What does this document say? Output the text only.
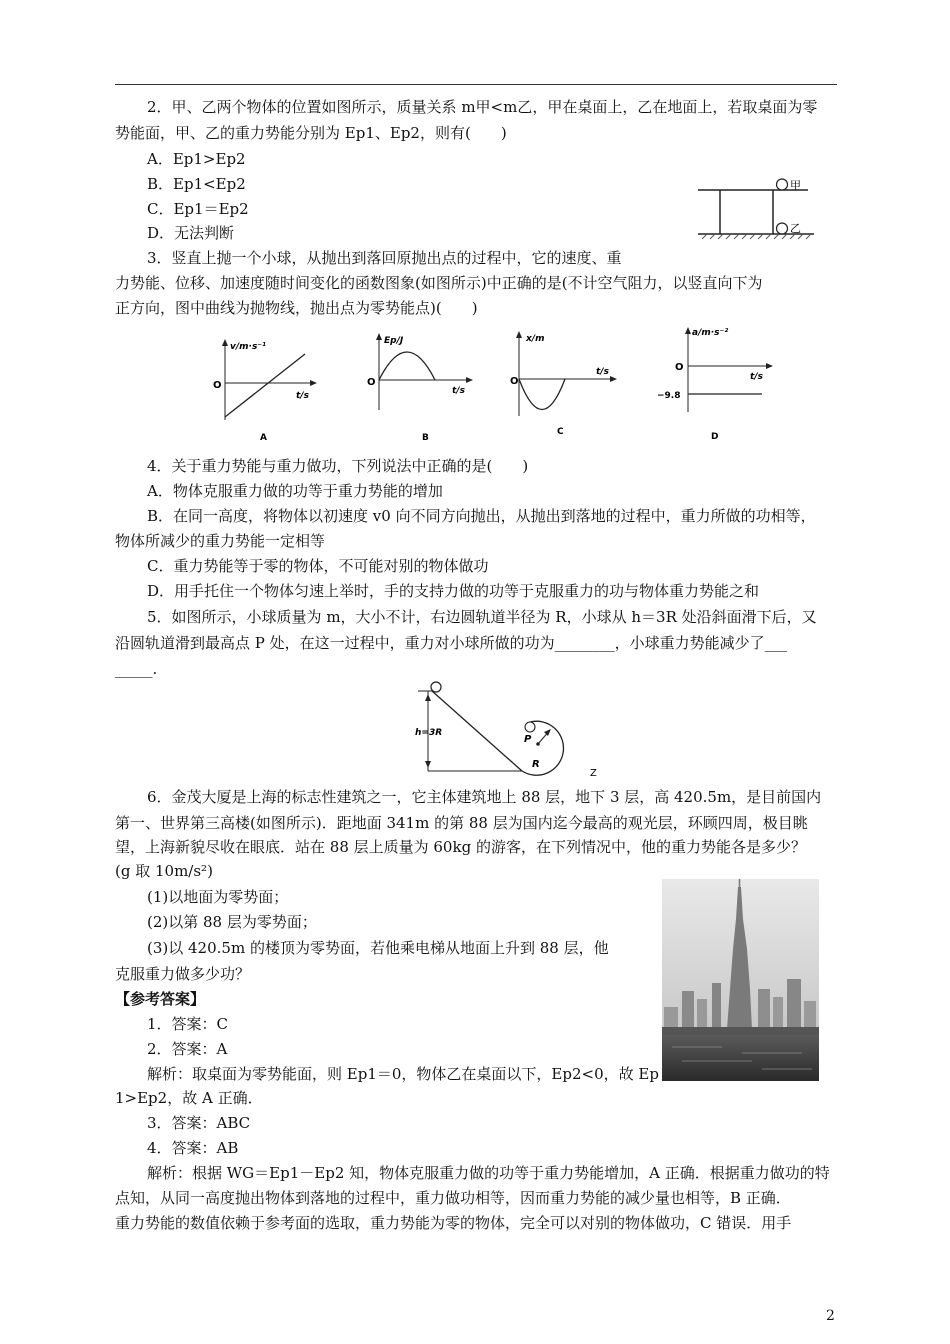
2．甲、乙两个物体的位置如图所示，质量关系 m甲<m乙，甲在桌面上，乙在地面上，若取桌面为零
势能面，甲、乙的重力势能分别为 Ep1、Ep2，则有(　　)
A．Ep1>Ep2
B．Ep1<Ep2
C．Ep1＝Ep2
D．无法判断
甲
乙
3．竖直上抛一个小球，从抛出到落回原抛出点的过程中，它的速度、重
力势能、位移、加速度随时间变化的函数图象(如图所示)中正确的是(不计空气阻力，以竖直向下为
正方向，图中曲线为抛物线，抛出点为零势能点)(　　)
v/m·s⁻¹
O
t/s
A
Ep/J
O
t/s
B
x/m
O
t/s
C
a/m·s⁻²
O
t/s
−9.8
D
4．关于重力势能与重力做功，下列说法中正确的是(　　)
A．物体克服重力做的功等于重力势能的增加
B．在同一高度，将物体以初速度 v0 向不同方向抛出，从抛出到落地的过程中，重力所做的功相等，
物体所减少的重力势能一定相等
C．重力势能等于零的物体，不可能对别的物体做功
D．用手托住一个物体匀速上举时，手的支持力做的功等于克服重力的功与物体重力势能之和
5．如图所示，小球质量为 m，大小不计，右边圆轨道半径为 R，小球从 h＝3R 处沿斜面滑下后，又
沿圆轨道滑到最高点 P 处，在这一过程中，重力对小球所做的功为________，小球重力势能减少了___
_____.
h=3R
P
R
Z
6．金茂大厦是上海的标志性建筑之一，它主体建筑地上 88 层，地下 3 层，高 420.5m，是目前国内
第一、世界第三高楼(如图所示)．距地面 341m 的第 88 层为国内迄今最高的观光层，环顾四周，极目眺
望，上海新貌尽收在眼底．站在 88 层上质量为 60kg 的游客，在下列情况中，他的重力势能各是多少？
(g 取 10m/s²)
(1)以地面为零势面；
(2)以第 88 层为零势面；
(3)以 420.5m 的楼顶为零势面，若他乘电梯从地面上升到 88 层，他
克服重力做多少功？
【参考答案】
1．答案：C
2．答案：A
解析：取桌面为零势能面，则 Ep1＝0，物体乙在桌面以下，Ep2<0，故 Ep
1>Ep2，故 A 正确．
3．答案：ABC
4．答案：AB
解析：根据 WG＝Ep1－Ep2 知，物体克服重力做的功等于重力势能增加，A 正确．根据重力做功的特
点知，从同一高度抛出物体到落地的过程中，重力做功相等，因而重力势能的减少量也相等，B 正确．
重力势能的数值依赖于参考面的选取，重力势能为零的物体，完全可以对别的物体做功，C 错误．用手
2
